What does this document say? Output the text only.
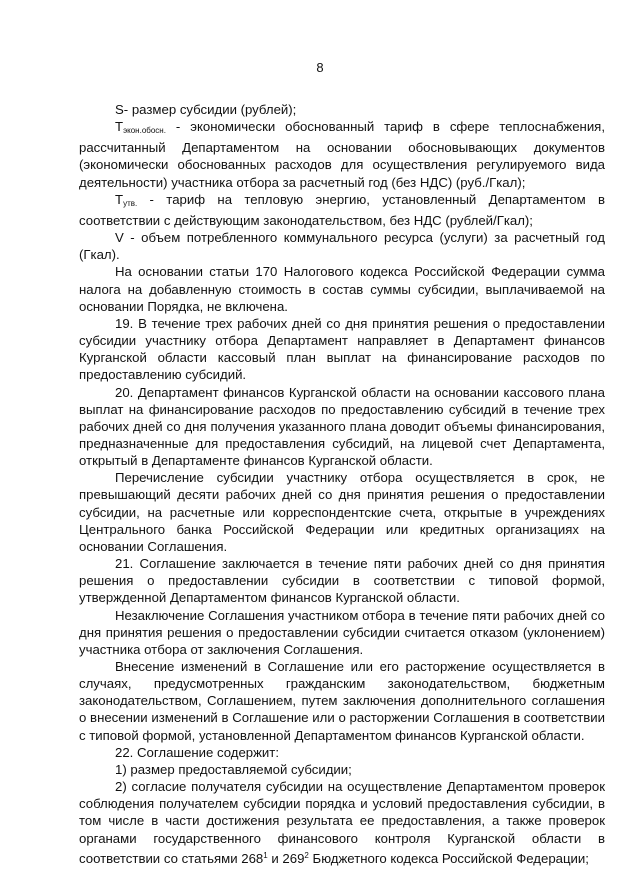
8

S- размер субсидии (рублей);

$T_{экон.обосн.}$ - экономически обоснованный тариф в сфере теплоснабжения, рассчитанный Департаментом на основании обосновывающих документов (экономически обоснованных расходов для осуществления регулируемого вида деятельности) участника отбора за расчетный год (без НДС) (руб./Гкал);

$T_{утв.}$ - тариф на тепловую энергию, установленный Департаментом в соответствии с действующим законодательством, без НДС (рублей/Гкал);

V - объем потребленного коммунального ресурса (услуги) за расчетный год (Гкал).

На основании статьи 170 Налогового кодекса Российской Федерации сумма налога на добавленную стоимость в состав суммы субсидии, выплачиваемой на основании Порядка, не включена.

19. В течение трех рабочих дней со дня принятия решения о предоставлении субсидии участнику отбора Департамент направляет в Департамент финансов Курганской области кассовый план выплат на финансирование расходов по предоставлению субсидий.

20. Департамент финансов Курганской области на основании кассового плана выплат на финансирование расходов по предоставлению субсидий в течение трех рабочих дней со дня получения указанного плана доводит объемы финансирования, предназначенные для предоставления субсидий, на лицевой счет Департамента, открытый в Департаменте финансов Курганской области.

Перечисление субсидии участнику отбора осуществляется в срок, не превышающий десяти рабочих дней со дня принятия решения о предоставлении субсидии, на расчетные или корреспондентские счета, открытые в учреждениях Центрального банка Российской Федерации или кредитных организациях на основании Соглашения.

21. Соглашение заключается в течение пяти рабочих дней со дня принятия решения о предоставлении субсидии в соответствии с типовой формой, утвержденной Департаментом финансов Курганской области.

Незаключение Соглашения участником отбора в течение пяти рабочих дней со дня принятия решения о предоставлении субсидии считается отказом (уклонением) участника отбора от заключения Соглашения.

Внесение изменений в Соглашение или его расторжение осуществляется в случаях, предусмотренных гражданским законодательством, бюджетным законодательством, Соглашением, путем заключения дополнительного соглашения о внесении изменений в Соглашение или о расторжении Соглашения в соответствии с типовой формой, установленной Департаментом финансов Курганской области.

22. Соглашение содержит:

1) размер предоставляемой субсидии;

2) согласие получателя субсидии на осуществление Департаментом проверок соблюдения получателем субсидии порядка и условий предоставления субсидии, в том числе в части достижения результата ее предоставления, а также проверок органами государственного финансового контроля Курганской области в соответствии со статьями $268^1$ и $269^2$ Бюджетного кодекса Российской Федерации;
